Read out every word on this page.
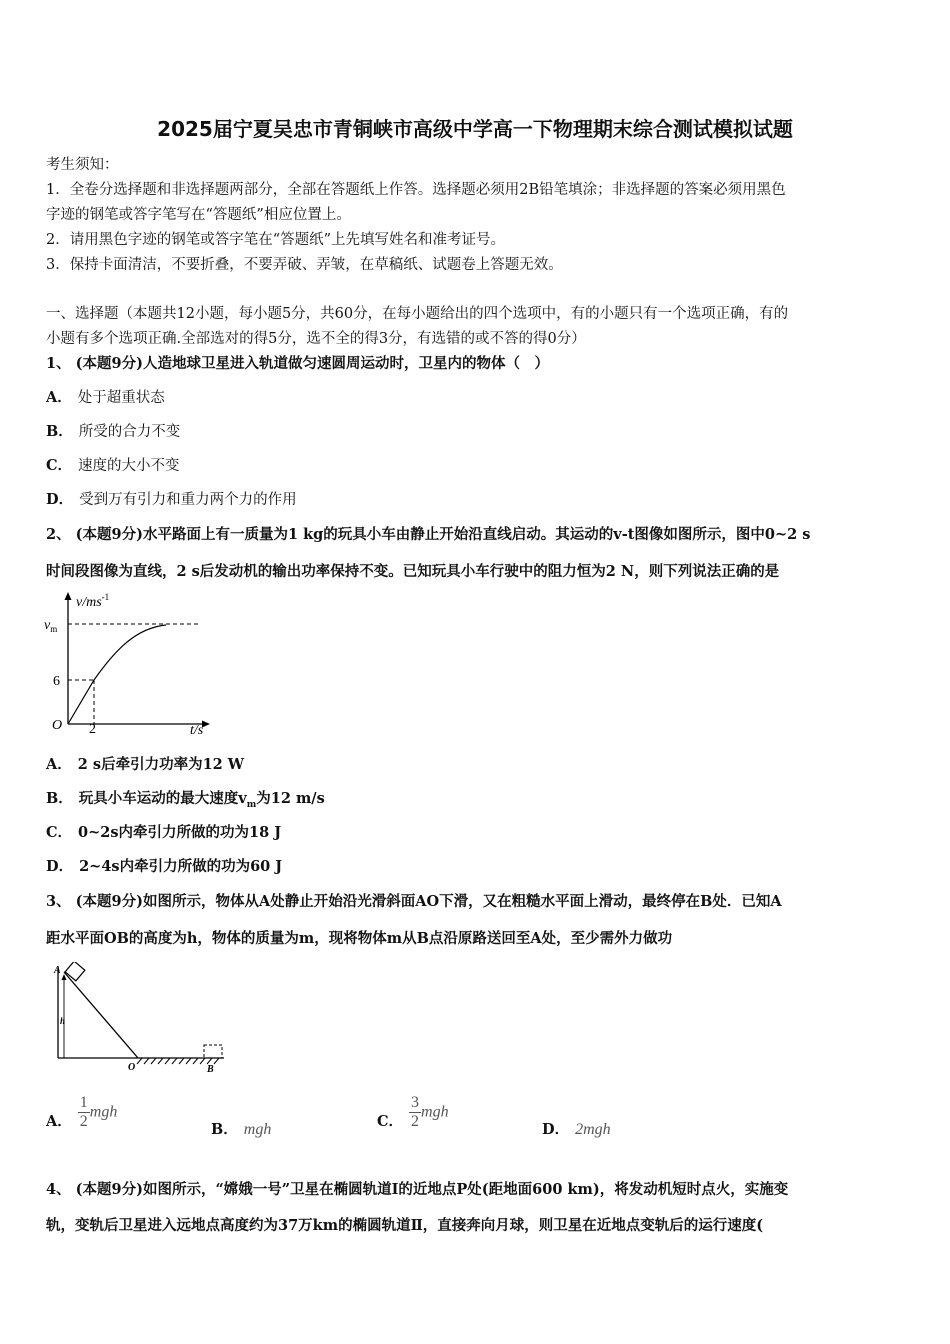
2025届宁夏吴忠市青铜峡市高级中学高一下物理期末综合测试模拟试题
考生须知：
1．全卷分选择题和非选择题两部分，全部在答题纸上作答。选择题必须用2B铅笔填涂；非选择题的答案必须用黑色
字迹的钢笔或答字笔写在“答题纸”相应位置上。
2．请用黑色字迹的钢笔或答字笔在“答题纸”上先填写姓名和准考证号。
3．保持卡面清洁，不要折叠，不要弄破、弄皱，在草稿纸、试题卷上答题无效。
一、选择题（本题共12小题，每小题5分，共60分，在每小题给出的四个选项中，有的小题只有一个选项正确，有的
小题有多个选项正确.全部选对的得5分，选不全的得3分，有选错的或不答的得0分）
1、 (本题9分)人造地球卫星进入轨道做匀速圆周运动时，卫星内的物体（　）
A． 处于超重状态
B． 所受的合力不变
C． 速度的大小不变
D． 受到万有引力和重力两个力的作用
2、 (本题9分)水平路面上有一质量为1 kg的玩具小车由静止开始沿直线启动。其运动的v-t图像如图所示，图中0~2 s
时间段图像为直线，2 s后发动机的输出功率保持不变。已知玩具小车行驶中的阻力恒为2 N，则下列说法正确的是
$v/ms^{-1}$
$v_m$
6
O 2	t/s
A． 2 s后牵引力功率为12 W
B． 玩具小车运动的最大速度$v_m$为12 m/s
C． 0~2s内牵引力所做的功为18 J
D． 2~4s内牵引力所做的功为60 J
3、 (本题9分)如图所示，物体从A处静止开始沿光滑斜面AO下滑，又在粗糙水平面上滑动，最终停在B处．已知A
距水平面OB的高度为h，物体的质量为m，现将物体m从B点沿原路送回至A处，至少需外力做功
A
h
O	B
A． $\frac{1}{2}$ mgh
B． mgh	C． $\frac{3}{2}$ mgh
D． 2mgh
4、 (本题9分)如图所示，“嫦娥一号”卫星在椭圆轨道Ⅰ的近地点P处(距地面600 km)，将发动机短时点火，实施变
轨，变轨后卫星进入远地点高度约为37万km的椭圆轨道Ⅱ，直接奔向月球，则卫星在近地点变轨后的运行速度(
